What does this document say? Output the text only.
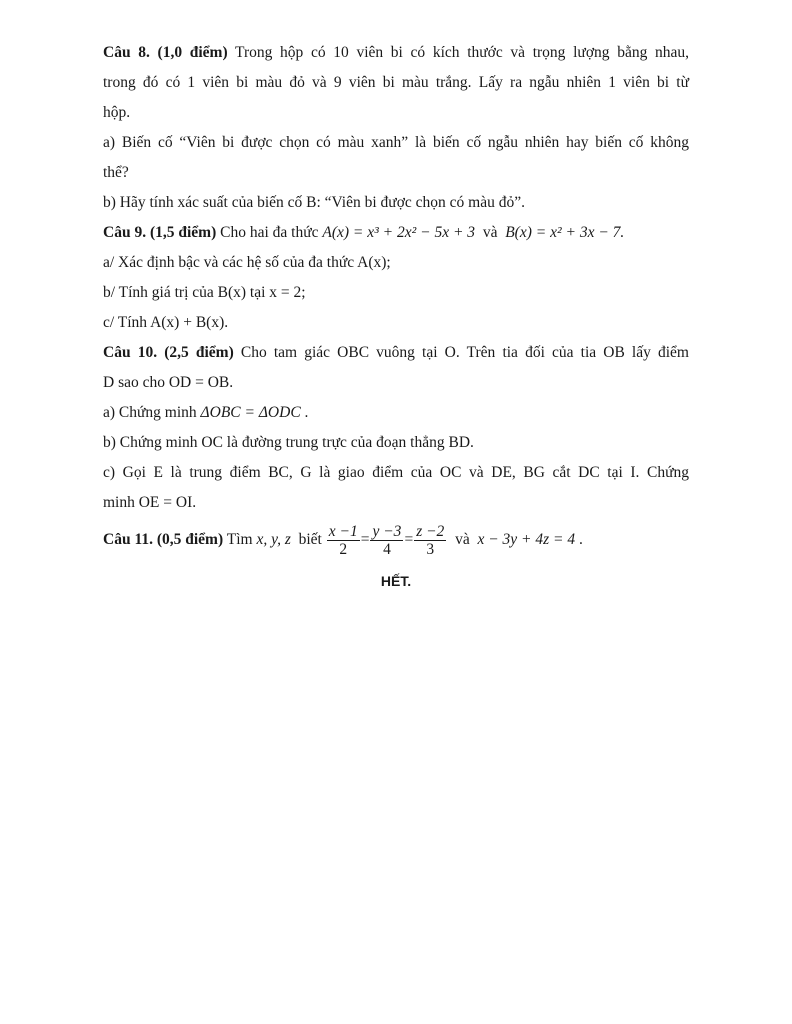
Câu 8. (1,0 điểm) Trong hộp có 10 viên bi có kích thước và trọng lượng bằng nhau,
trong đó có 1 viên bi màu đỏ và 9 viên bi màu trắng. Lấy ra ngẫu nhiên 1 viên bi từ
hộp.
a) Biến cố “Viên bi được chọn có màu xanh” là biến cố ngẫu nhiên hay biến cố không
thể?
b) Hãy tính xác suất của biến cố B: “Viên bi được chọn có màu đỏ”.
Câu 9. (1,5 điểm) Cho hai đa thức A(x) = x³ + 2x² − 5x + 3  và  B(x) = x² + 3x − 7.
a/ Xác định bậc và các hệ số của đa thức A(x);
b/ Tính giá trị của B(x) tại x = 2;
c/ Tính A(x) + B(x).
Câu 10. (2,5 điểm) Cho tam giác OBC vuông tại O. Trên tia đối của tia OB lấy điểm
D sao cho OD = OB.
a) Chứng minh ΔOBC = ΔODC .
b) Chứng minh OC là đường trung trực của đoạn thẳng BD.
c) Gọi E là trung điểm BC, G là giao điểm của OC và DE, BG cắt DC tại I. Chứng
minh OE = OI.
Câu 11. (0,5 điểm) Tìm x, y, z  biết $\frac{x -1}{2} = \frac{y -3}{4} = \frac{z -2}{3}$ và  x − 3y + 4z = 4 .
HẾT.
